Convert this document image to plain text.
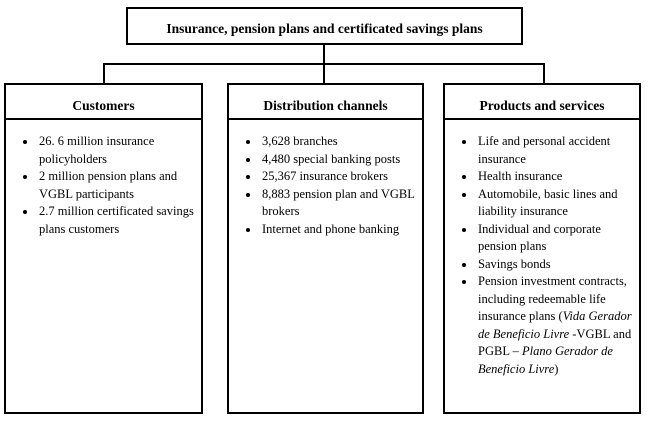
Insurance, pension plans and certificated savings plans
Customers
• 26. 6 million insurance policyholders
• 2 million pension plans and VGBL participants
• 2.7 million certificated savings plans customers
Distribution channels
• 3,628 branches
• 4,480 special banking posts
• 25,367 insurance brokers
• 8,883 pension plan and VGBL brokers
• Internet and phone banking
Products and services
• Life and personal accident insurance
• Health insurance
• Automobile, basic lines and liability insurance
• Individual and corporate pension plans
• Savings bonds
• Pension investment contracts, including redeemable life insurance plans (Vida Gerador de Beneficio Livre -VGBL and PGBL – Plano Gerador de Beneficio Livre)
